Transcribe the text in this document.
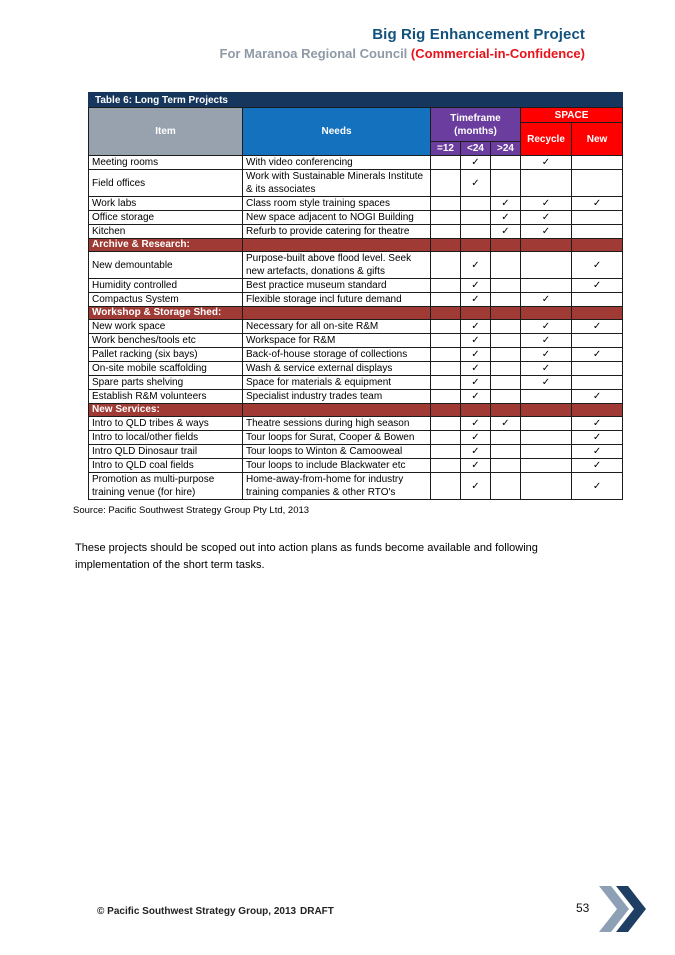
Big Rig Enhancement Project
For Maranoa Regional Council (Commercial-in-Confidence)
Table 6: Long Term Projects						
Item	Needs	Timeframe (months)			SPACE	
					Recycle	New
		=12	<24	>24		
Meeting rooms	With video conferencing		✓		✓	
Field offices	Work with Sustainable Minerals Institute & its associates		✓			
Work labs	Class room style training spaces			✓	✓	✓
Office storage	New space adjacent to NOGI Building			✓	✓	
Kitchen	Refurb to provide catering for theatre			✓	✓	
Archive & Research:						
New demountable	Purpose-built above flood level. Seek new artefacts, donations & gifts		✓			✓
Humidity controlled	Best practice museum standard		✓			✓
Compactus System	Flexible storage incl future demand		✓		✓	
Workshop & Storage Shed:						
New work space	Necessary for all on-site R&M		✓		✓	✓
Work benches/tools etc	Workspace for R&M		✓		✓	
Pallet racking (six bays)	Back-of-house storage of collections		✓		✓	✓
On-site mobile scaffolding	Wash & service external displays		✓		✓	
Spare parts shelving	Space for materials & equipment		✓		✓	
Establish R&M volunteers	Specialist industry trades team		✓			✓
New Services:						
Intro to QLD tribes & ways	Theatre sessions during high season		✓	✓		✓
Intro to local/other fields	Tour loops for Surat, Cooper & Bowen		✓			✓
Intro QLD Dinosaur trail	Tour loops to Winton & Camooweal		✓			✓
Intro to QLD coal fields	Tour loops to include Blackwater etc		✓			✓
Promotion as multi-purpose training venue (for hire)	Home-away-from-home for industry training companies & other RTO's		✓			✓
Source: Pacific Southwest Strategy Group Pty Ltd, 2013

These projects should be scoped out into action plans as funds become available and following implementation of the short term tasks.

© Pacific Southwest Strategy Group, 2013 DRAFT	53
